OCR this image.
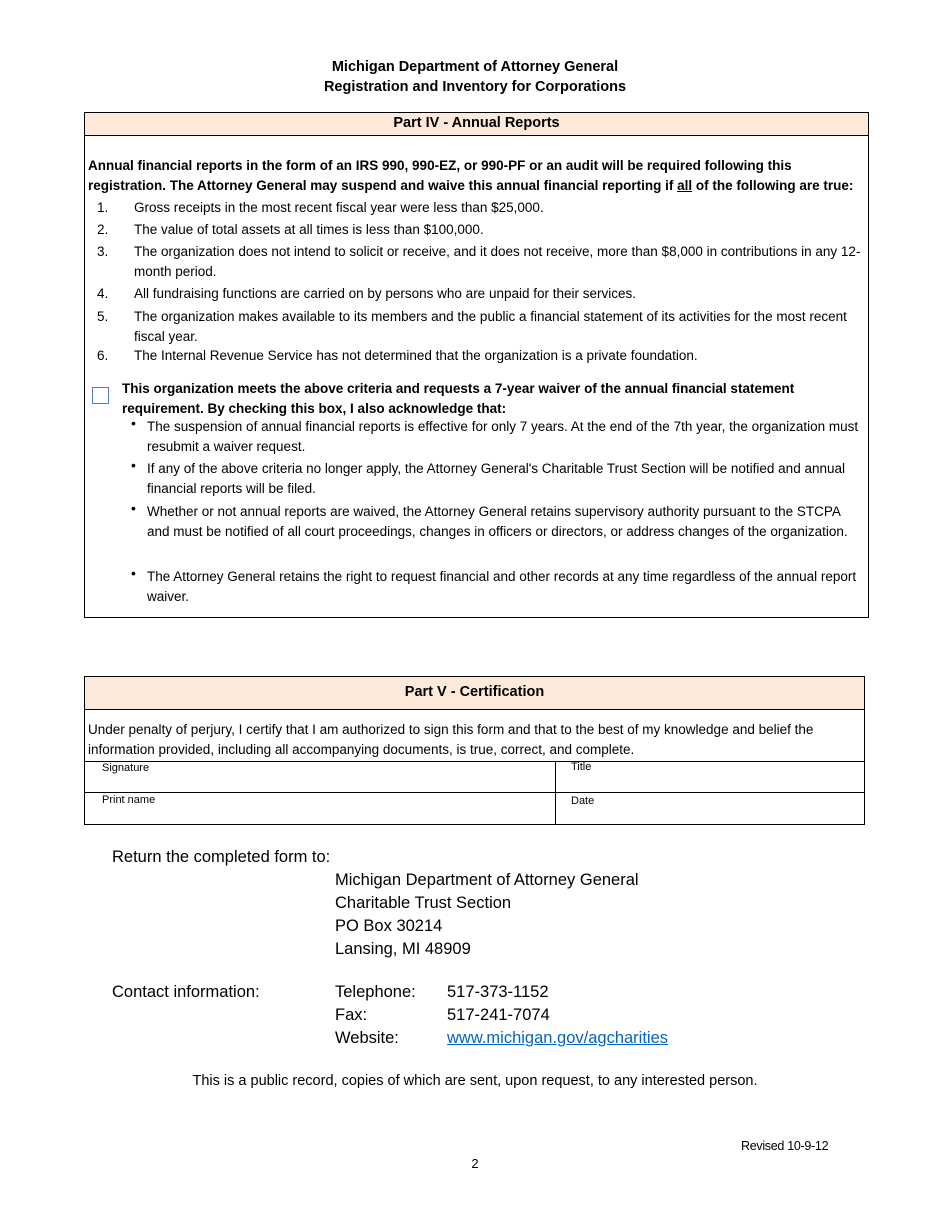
Michigan Department of Attorney General
Registration and Inventory for Corporations
Part IV - Annual Reports
Annual financial reports in the form of an IRS 990, 990-EZ, or 990-PF or an audit will be required following this registration. The Attorney General may suspend and waive this annual financial reporting if all of the following are true:
1.	Gross receipts in the most recent fiscal year were less than $25,000.
2.	The value of total assets at all times is less than $100,000.
3.	The organization does not intend to solicit or receive, and it does not receive, more than $8,000 in contributions in any 12-month period.
4.	All fundraising functions are carried on by persons who are unpaid for their services.
5.	The organization makes available to its members and the public a financial statement of its activities for the most recent fiscal year.
6.	The Internal Revenue Service has not determined that the organization is a private foundation.
This organization meets the above criteria and requests a 7-year waiver of the annual financial statement requirement. By checking this box, I also acknowledge that:
• The suspension of annual financial reports is effective for only 7 years. At the end of the 7th year, the organization must resubmit a waiver request.
• If any of the above criteria no longer apply, the Attorney General's Charitable Trust Section will be notified and annual financial reports will be filed.
• Whether or not annual reports are waived, the Attorney General retains supervisory authority pursuant to the STCPA and must be notified of all court proceedings, changes in officers or directors, or address changes of the organization.
• The Attorney General retains the right to request financial and other records at any time regardless of the annual report waiver.
Part V - Certification
Under penalty of perjury, I certify that I am authorized to sign this form and that to the best of my knowledge and belief the information provided, including all accompanying documents, is true, correct, and complete.
Signature	Title
Print name	Date
Return the completed form to:
Michigan Department of Attorney General
Charitable Trust Section
PO Box 30214
Lansing, MI 48909
Contact information:	Telephone: 517-373-1152
Fax:	517-241-7074
Website:	www.michigan.gov/agcharities
This is a public record, copies of which are sent, upon request, to any interested person.
Revised 10-9-12
2
